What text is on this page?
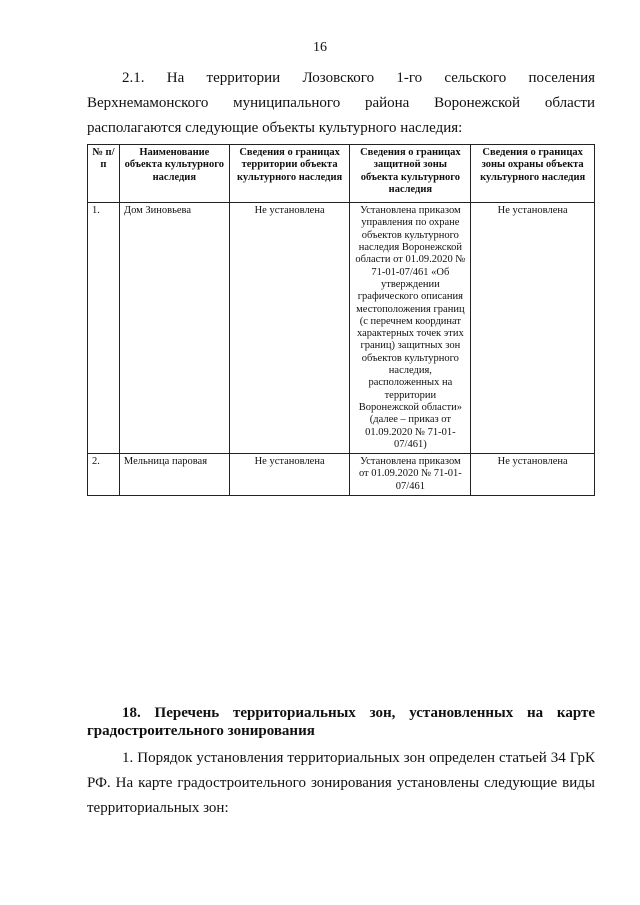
16
2.1. На территории Лозовского 1-го сельского поселения Верхнемамонского муниципального района Воронежской области
располагаются следующие объекты культурного наследия:
№ п/п	Наименование объекта культурного наследия	Сведения о границах территории объекта культурного наследия	Сведения о границах защитной зоны объекта культурного наследия	Сведения о границах зоны охраны объекта культурного наследия
1.	Дом Зиновьева	Не установлена	Установлена приказом управления по охране объектов культурного наследия Воронежской области от 01.09.2020 № 71-01-07/461 «Об утверждении графического описания местоположения границ (с перечнем координат характерных точек этих границ) защитных зон объектов культурного наследия, расположенных на территории Воронежской области» (далее – приказ от 01.09.2020 № 71-01-07/461)	Не установлена
2.	Мельница паровая	Не установлена	Установлена приказом от 01.09.2020 № 71-01-07/461	Не установлена
18. Перечень территориальных зон, установленных на карте градостроительного зонирования
1. Порядок установления территориальных зон определен статьей 34 ГрК РФ. На карте градостроительного зонирования установлены следующие виды территориальных зон:
